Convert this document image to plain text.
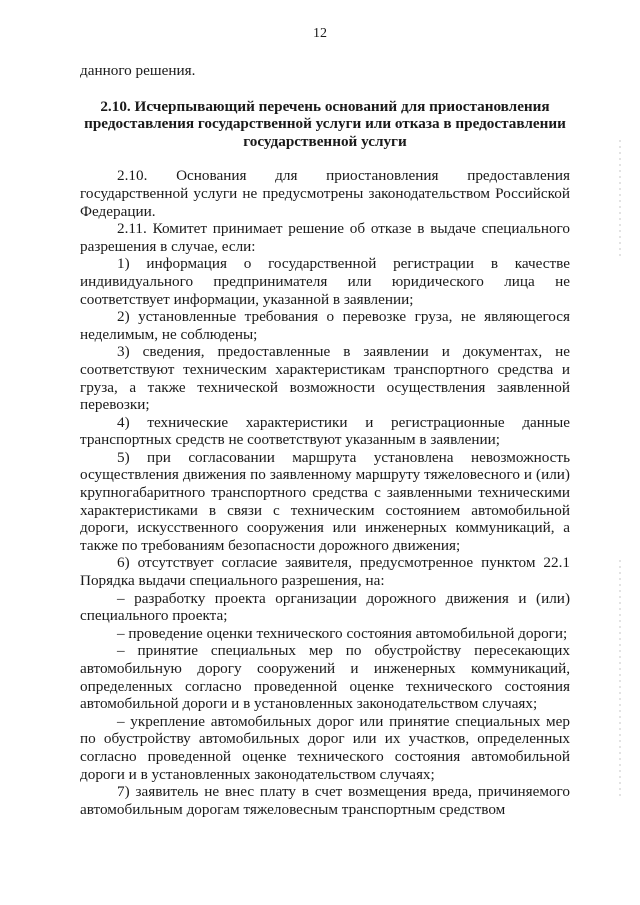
12

данного решения.

2.10. Исчерпывающий перечень оснований для приостановления предоставления государственной услуги или отказа в предоставлении государственной услуги

2.10. Основания для приостановления предоставления государственной услуги не предусмотрены законодательством Российской Федерации.

2.11. Комитет принимает решение об отказе в выдаче специального разрешения в случае, если:

1) информация о государственной регистрации в качестве индивидуального предпринимателя или юридического лица не соответствует информации, указанной в заявлении;

2) установленные требования о перевозке груза, не являющегося неделимым, не соблюдены;

3) сведения, предоставленные в заявлении и документах, не соответствуют техническим характеристикам транспортного средства и груза, а также технической возможности осуществления заявленной перевозки;

4) технические характеристики и регистрационные данные транспортных средств не соответствуют указанным в заявлении;

5) при согласовании маршрута установлена невозможность осуществления движения по заявленному маршруту тяжеловесного и (или) крупногабаритного транспортного средства с заявленными техническими характеристиками в связи с техническим состоянием автомобильной дороги, искусственного сооружения или инженерных коммуникаций, а также по требованиям безопасности дорожного движения;

6) отсутствует согласие заявителя, предусмотренное пунктом 22.1 Порядка выдачи специального разрешения, на:

– разработку проекта организации дорожного движения и (или) специального проекта;

– проведение оценки технического состояния автомобильной дороги;

– принятие специальных мер по обустройству пересекающих автомобильную дорогу сооружений и инженерных коммуникаций, определенных согласно проведенной оценке технического состояния автомобильной дороги и в установленных законодательством случаях;

– укрепление автомобильных дорог или принятие специальных мер по обустройству автомобильных дорог или их участков, определенных согласно проведенной оценке технического состояния автомобильной дороги и в установленных законодательством случаях;

7) заявитель не внес плату в счет возмещения вреда, причиняемого автомобильным дорогам тяжеловесным транспортным средством
